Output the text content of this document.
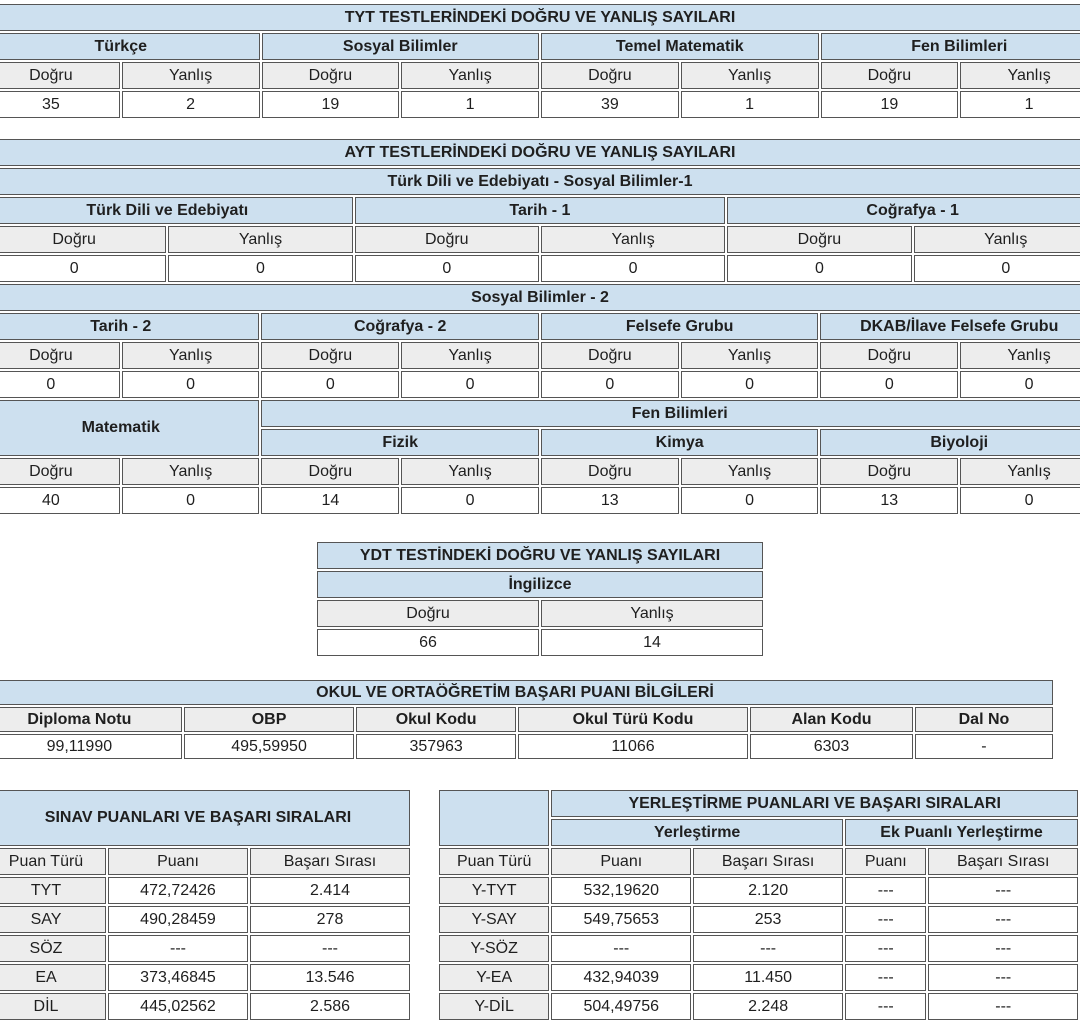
TYT TESTLERİNDEKİ DOĞRU VE YANLIŞ SAYILARI							
Türkçe		Sosyal Bilimler		Temel Matematik		Fen Bilimleri	
Doğru	Yanlış	Doğru	Yanlış	Doğru	Yanlış	Doğru	Yanlış
35	2	19	1	39	1	19	1
AYT TESTLERİNDEKİ DOĞRU VE YANLIŞ SAYILARI											
Türk Dili ve Edebiyatı - Sosyal Bilimler-1											
Türk Dili ve Edebiyatı				Tarih - 1				Coğrafya - 1			
Doğru		Yanlış		Doğru		Yanlış		Doğru		Yanlış	
0		0		0		0		0		0	
Sosyal Bilimler - 2											
Tarih - 2			Coğrafya - 2			Felsefe Grubu			DKAB/İlave Felsefe Grubu		
Doğru	Yanlış		Doğru		Yanlış	Doğru	Yanlış		Doğru		Yanlış
0	0		0		0	0	0		0		0
Matematik			Fen Bilimleri								
			Fizik			Kimya			Biyoloji		
Doğru	Yanlış		Doğru		Yanlış	Doğru	Yanlış		Doğru		Yanlış
40	0		14		0	13	0		13		0
YDT TESTİNDEKİ DOĞRU VE YANLIŞ SAYILARI	
İngilizce	
Doğru	Yanlış
66	14
OKUL VE ORTAÖĞRETİM BAŞARI PUANI BİLGİLERİ					
Diploma Notu	OBP	Okul Kodu	Okul Türü Kodu	Alan Kodu	Dal No
99,11990	495,59950	357963	11066	6303	-
SINAV PUANLARI VE BAŞARI SIRALARI		
Puan Türü	Puanı	Başarı Sırası
TYT	472,72426	2.414
SAY	490,28459	278
SÖZ	---	---
EA	373,46845	13.546
DİL	445,02562	2.586
	YERLEŞTİRME PUANLARI VE BAŞARI SIRALARI			
	Yerleştirme		Ek Puanlı Yerleştirme	
Puan Türü	Puanı	Başarı Sırası	Puanı	Başarı Sırası
Y-TYT	532,19620	2.120	---	---
Y-SAY	549,75653	253	---	---
Y-SÖZ	---	---	---	---
Y-EA	432,94039	11.450	---	---
Y-DİL	504,49756	2.248	---	---
